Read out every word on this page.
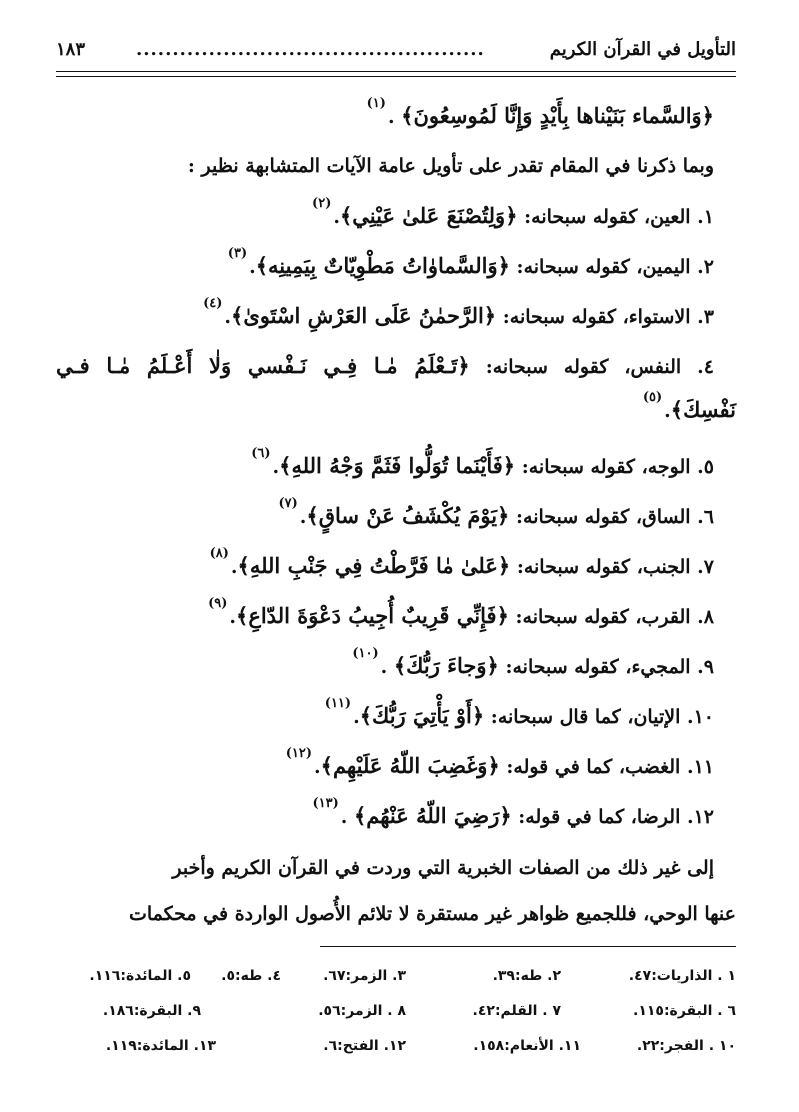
التأويل في القرآن الكريم
................................................
١٨٣
﴿وَالسَّماء بَنَيْناها بِأَيْدٍ وَإِنَّا لَمُوسِعُونَ﴾ .$^{(١)}$
وبما ذكرنا في المقام تقدر على تأويل عامة الآيات المتشابهة نظير :
١. العين، كقوله سبحانه: ﴿وَلِتُصْنَعَ عَلىٰ عَيْنِي﴾.$^{(٢)}$
٢. اليمين، كقوله سبحانه: ﴿وَالسَّماوٰاتُ مَطْوِيّاتٌ بِيَمِينِه﴾.$^{(٣)}$
٣. الاستواء، كقوله سبحانه: ﴿الرَّحمٰنُ عَلَى العَرْشِ اسْتَوىٰ﴾.$^{(٤)}$
٤. النفس، كقوله سبحانه: ﴿تَـعْلَمُ مٰـا فِـي نَـفْسي وَلٰا أَعْـلَمُ مٰـا فـي
نَفْسِكَ﴾.$^{(٥)}$
٥. الوجه، كقوله سبحانه: ﴿فَأَيْنَما تُوَلُّوا فَثَمَّ وَجْهُ اللهِ﴾.$^{(٦)}$
٦. الساق، كقوله سبحانه: ﴿يَوْمَ يُكْشَفُ عَنْ ساقٍ﴾.$^{(٧)}$
٧. الجنب، كقوله سبحانه: ﴿عَلىٰ مٰا فَرَّطْتُ فِي جَنْبِ اللهِ﴾.$^{(٨)}$
٨. القرب، كقوله سبحانه: ﴿فَإِنِّي قَرِيبٌ أُجِيبُ دَعْوَةَ الدّاعِ﴾.$^{(٩)}$
٩. المجيء، كقوله سبحانه: ﴿وَجاءَ رَبُّكَ﴾ .$^{(١٠)}$
١٠. الإتيان، كما قال سبحانه: ﴿أَوْ يَأْتِيَ رَبُّكَ﴾.$^{(١١)}$
١١. الغضب، كما في قوله: ﴿وَغَضِبَ اللّهُ عَلَيْهِم﴾.$^{(١٢)}$
١٢. الرضا، كما في قوله: ﴿رَضِيَ اللّهُ عَنْهُم﴾ .$^{(١٣)}$
إلى غير ذلك من الصفات الخبرية التي وردت في القرآن الكريم وأخبر
عنها الوحي، فللجميع ظواهر غير مستقرة لا تلائم الأُصول الواردة في محكمات
١ . الذاريات:٤٧.
٢. طه:٣٩.
٣. الزمر:٦٧.
٤. طه:٥.
٥. المائدة:١١٦.
٦ . البقرة:١١٥.
٧ . القلم:٤٢.
٨ . الزمر:٥٦.
٩. البقرة:١٨٦.
١٠ . الفجر:٢٢.
١١. الأنعام:١٥٨.
١٢. الفتح:٦.
١٣. المائدة:١١٩.
